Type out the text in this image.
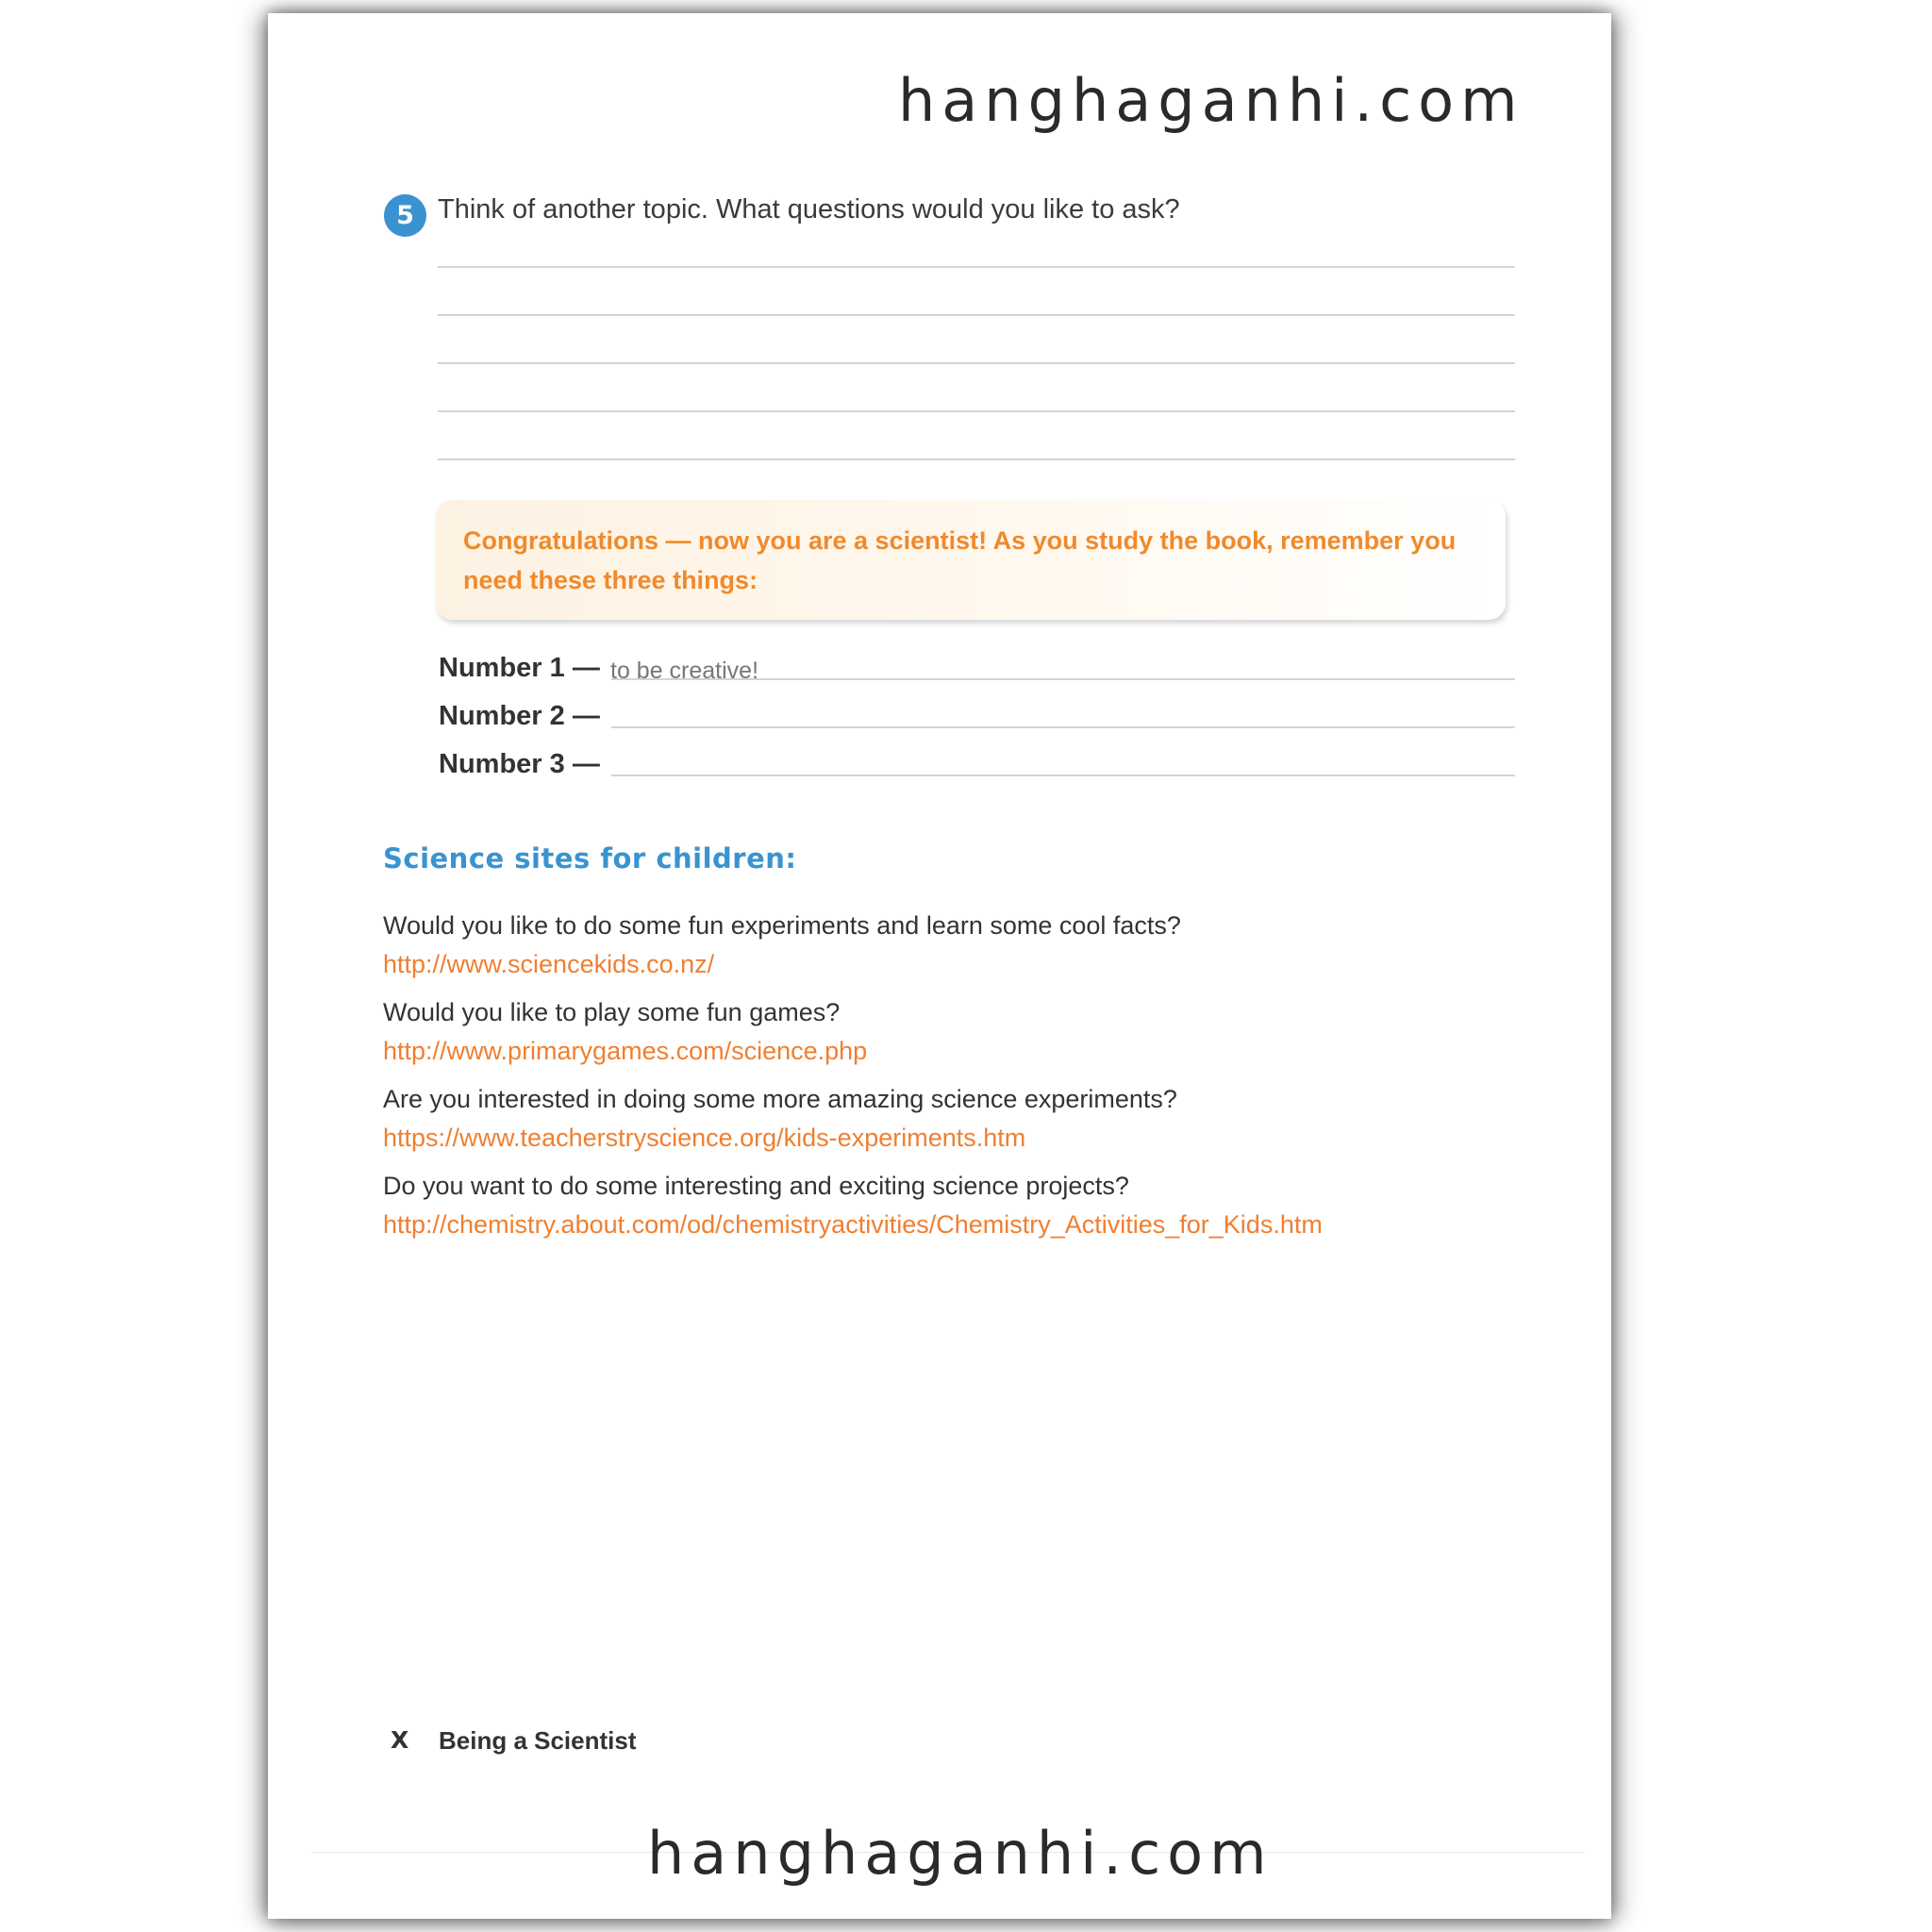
hanghaganhi.com
5 Think of another topic. What questions would you like to ask?
Congratulations — now you are a scientist! As you study the book, remember you need these three things:
Number 1 — to be creative!
Number 2 —
Number 3 —
Science sites for children:
Would you like to do some fun experiments and learn some cool facts?
http://www.sciencekids.co.nz/
Would you like to play some fun games?
http://www.primarygames.com/science.php
Are you interested in doing some more amazing science experiments?
https://www.teacherstryscience.org/kids-experiments.htm
Do you want to do some interesting and exciting science projects?
http://chemistry.about.com/od/chemistryactivities/Chemistry_Activities_for_Kids.htm
X Being a Scientist
hanghaganhi.com
